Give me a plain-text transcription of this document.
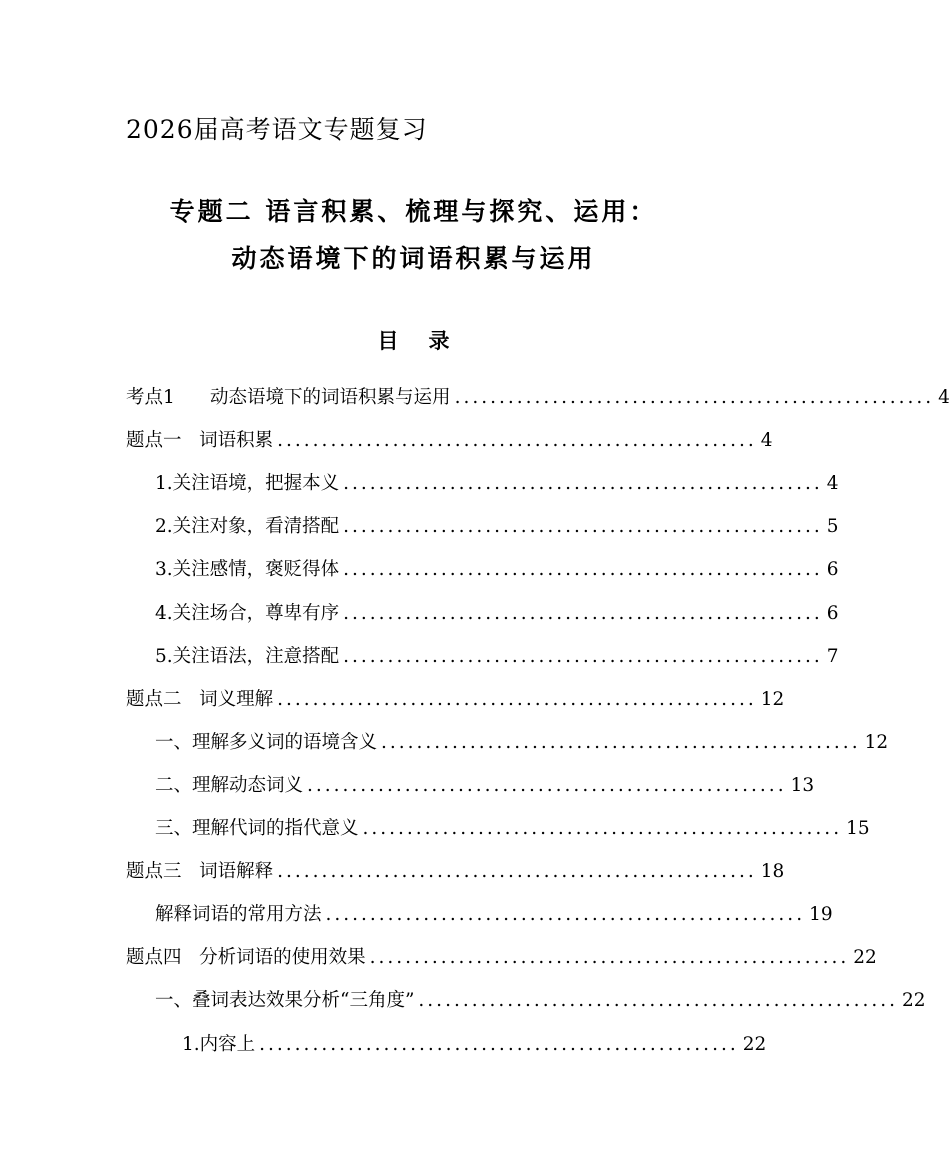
2026届高考语文专题复习
专题二 语言积累、梳理与探究、运用：
动态语境下的词语积累与运用
目录
考点1      动态语境下的词语积累与运用 ...................................................... 4
题点一   词语积累 ...................................................... 4
1.关注语境，把握本义 ...................................................... 4
2.关注对象，看清搭配 ...................................................... 5
3.关注感情，褒贬得体 ...................................................... 6
4.关注场合，尊卑有序 ...................................................... 6
5.关注语法，注意搭配 ...................................................... 7
题点二   词义理解 ...................................................... 12
一、理解多义词的语境含义 ...................................................... 12
二、理解动态词义 ...................................................... 13
三、理解代词的指代意义 ...................................................... 15
题点三   词语解释 ...................................................... 18
解释词语的常用方法 ...................................................... 19
题点四   分析词语的使用效果 ...................................................... 22
一、叠词表达效果分析“三角度” ...................................................... 22
1.内容上 ...................................................... 22
